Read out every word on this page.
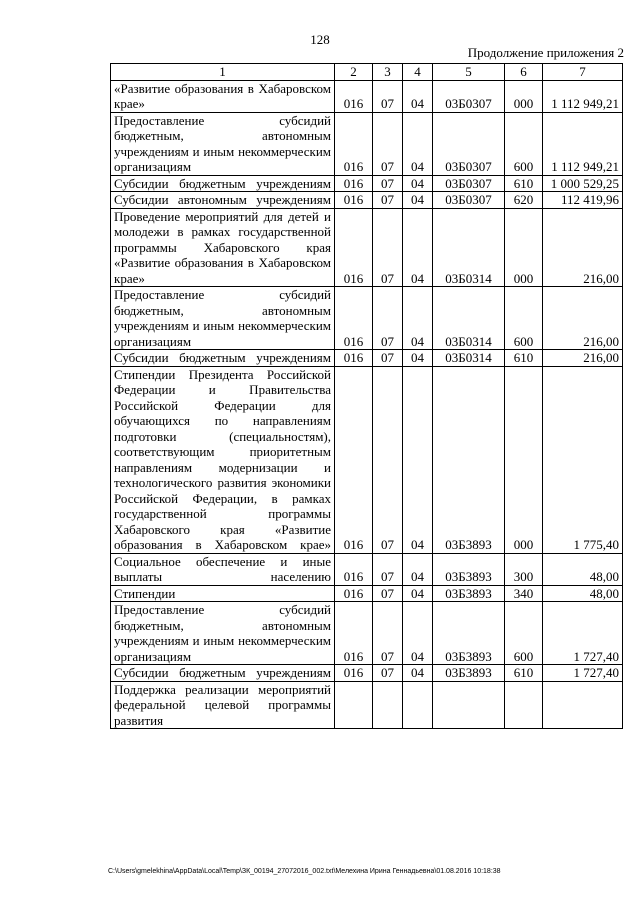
128
Продолжение приложения 2
1	2	3	4	5	6	7
«Развитие образования в Хабаровском крае»	016	07	04	03Б0307	000	1 112 949,21
Предоставление субсидий бюджетным, автономным учреждениям и иным некоммерческим организациям	016	07	04	03Б0307	600	1 112 949,21
Субсидии бюджетным учреждениям	016	07	04	03Б0307	610	1 000 529,25
Субсидии автономным учреждениям	016	07	04	03Б0307	620	112 419,96
Проведение мероприятий для детей и молодежи в рамках государственной программы Хабаровского края «Развитие образования в Хабаровском крае»	016	07	04	03Б0314	000	216,00
Предоставление субсидий бюджетным, автономным учреждениям и иным некоммерческим организациям	016	07	04	03Б0314	600	216,00
Субсидии бюджетным учреждениям	016	07	04	03Б0314	610	216,00
Стипендии Президента Российской Федерации и Правительства Российской Федерации для обучающихся по направлениям подготовки (специальностям), соответствующим приоритетным направлениям модернизации и технологического развития экономики Российской Федерации, в рамках государственной программы Хабаровского края «Развитие образования в Хабаровском крае»	016	07	04	03Б3893	000	1 775,40
Социальное обеспечение и иные выплаты населению	016	07	04	03Б3893	300	48,00
Стипендии	016	07	04	03Б3893	340	48,00
Предоставление субсидий бюджетным, автономным учреждениям и иным некоммерческим организациям	016	07	04	03Б3893	600	1 727,40
Субсидии бюджетным учреждениям	016	07	04	03Б3893	610	1 727,40
Поддержка реализации мероприятий федеральной целевой программы развития						
C:\Users\gmelekhina\AppData\Local\Temp\ЗК_00194_27072016_002.txt\Мелехина Ирина Геннадьевна\01.08.2016 10:18:38
